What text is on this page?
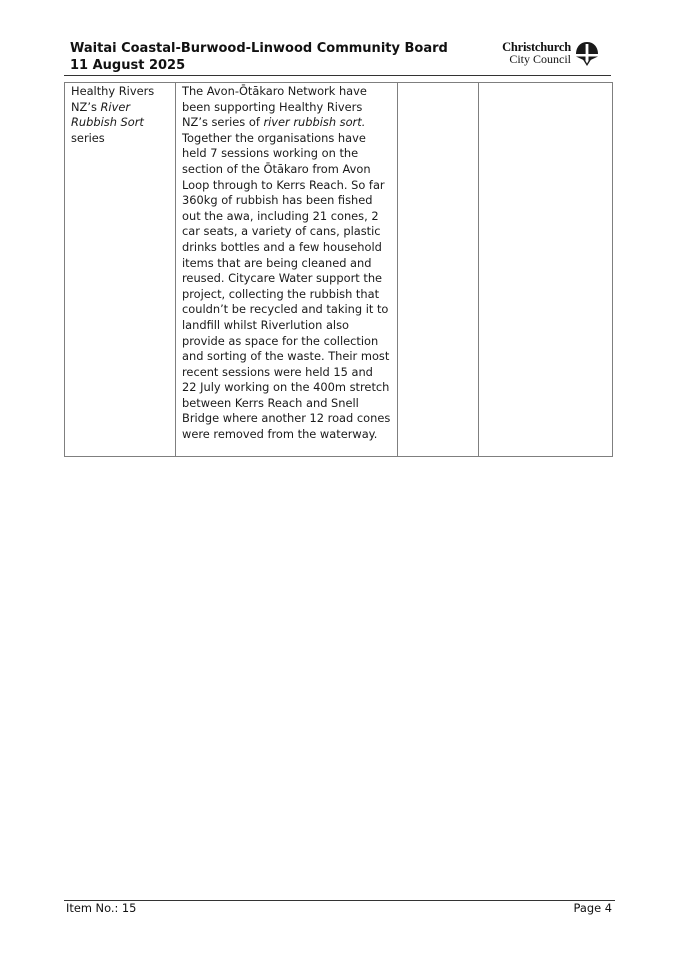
Waitai Coastal-Burwood-Linwood Community Board
11 August 2025
Christchurch
City Council
Healthy Rivers NZ’s River Rubbish Sort series	The Avon-Ōtākaro Network have been supporting Healthy Rivers NZ’s series of river rubbish sort. Together the organisations have held 7 sessions working on the section of the Ōtākaro from Avon Loop through to Kerrs Reach. So far 360kg of rubbish has been fished out the awa, including 21 cones, 2 car seats, a variety of cans, plastic drinks bottles and a few household items that are being cleaned and reused. Citycare Water support the project, collecting the rubbish that couldn’t be recycled and taking it to landfill whilst Riverlution also provide as space for the collection and sorting of the waste. Their most recent sessions were held 15 and 22 July working on the 400m stretch between Kerrs Reach and Snell Bridge where another 12 road cones were removed from the waterway.		
Item No.: 15	Page 4
